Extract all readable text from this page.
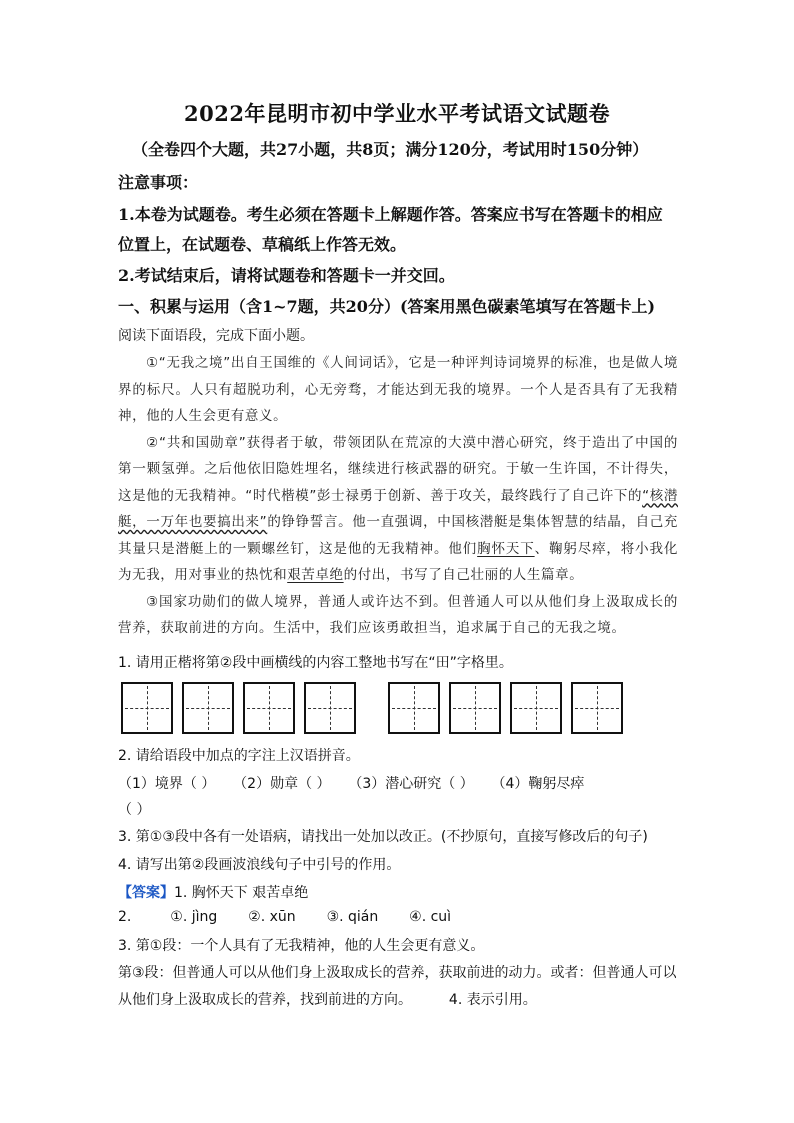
2022年昆明市初中学业水平考试语文试题卷
（全卷四个大题，共27小题，共8页；满分120分，考试用时150分钟）
注意事项：
1.本卷为试题卷。考生必须在答题卡上解题作答。答案应书写在答题卡的相应
位置上，在试题卷、草稿纸上作答无效。
2.考试结束后，请将试题卷和答题卡一并交回。
一、积累与运用（含1~7题，共20分）(答案用黑色碳素笔填写在答题卡上)
阅读下面语段，完成下面小题。

①“无我之境”出自王国维的《人间词话》，它是一种评判诗词境界的标准，也是做人境界的标尺。人只有超脱功利，心无旁骛，才能达到无我的境界。一个人是否具有了无我精神，他的人生会更有意义。

②“共和国勋章”获得者于敏，带领团队在荒凉的大漠中潜心研究，终于造出了中国的第一颗氢弹。之后他依旧隐姓埋名，继续进行核武器的研究。于敏一生许国，不计得失，这是他的无我精神。“时代楷模”彭士禄勇于创新、善于攻关，最终践行了自己许下的“核潜艇，一万年也要搞出来”的铮铮誓言。他一直强调，中国核潜艇是集体智慧的结晶，自己充其量只是潜艇上的一颗螺丝钉，这是他的无我精神。他们胸怀天下、鞠躬尽瘁，将小我化为无我，用对事业的热忱和艰苦卓绝的付出，书写了自己壮丽的人生篇章。

③国家功勋们的做人境界，普通人或许达不到。但普通人可以从他们身上汲取成长的营养，获取前进的方向。生活中，我们应该勇敢担当，追求属于自己的无我之境。

1. 请用正楷将第②段中画横线的内容工整地书写在“田”字格里。
2. 请给语段中加点的字注上汉语拼音。
（1）境界（ ） （2）勋章（ ） （3）潜心研究（ ） （4）鞠躬尽瘁
（ ）
3. 第①③段中各有一处语病，请找出一处加以改正。(不抄原句，直接写修改后的句子)
4. 请写出第②段画波浪线句子中引号的作用。
【答案】1. 胸怀天下 艰苦卓绝
2.	①. jìng ②. xūn ③. qián ④. cuì
3. 第①段：一个人具有了无我精神，他的人生会更有意义。
第③段：但普通人可以从他们身上汲取成长的营养，获取前进的动力。或者：但普通人可以
从他们身上汲取成长的营养，找到前进的方向。	4. 表示引用。
